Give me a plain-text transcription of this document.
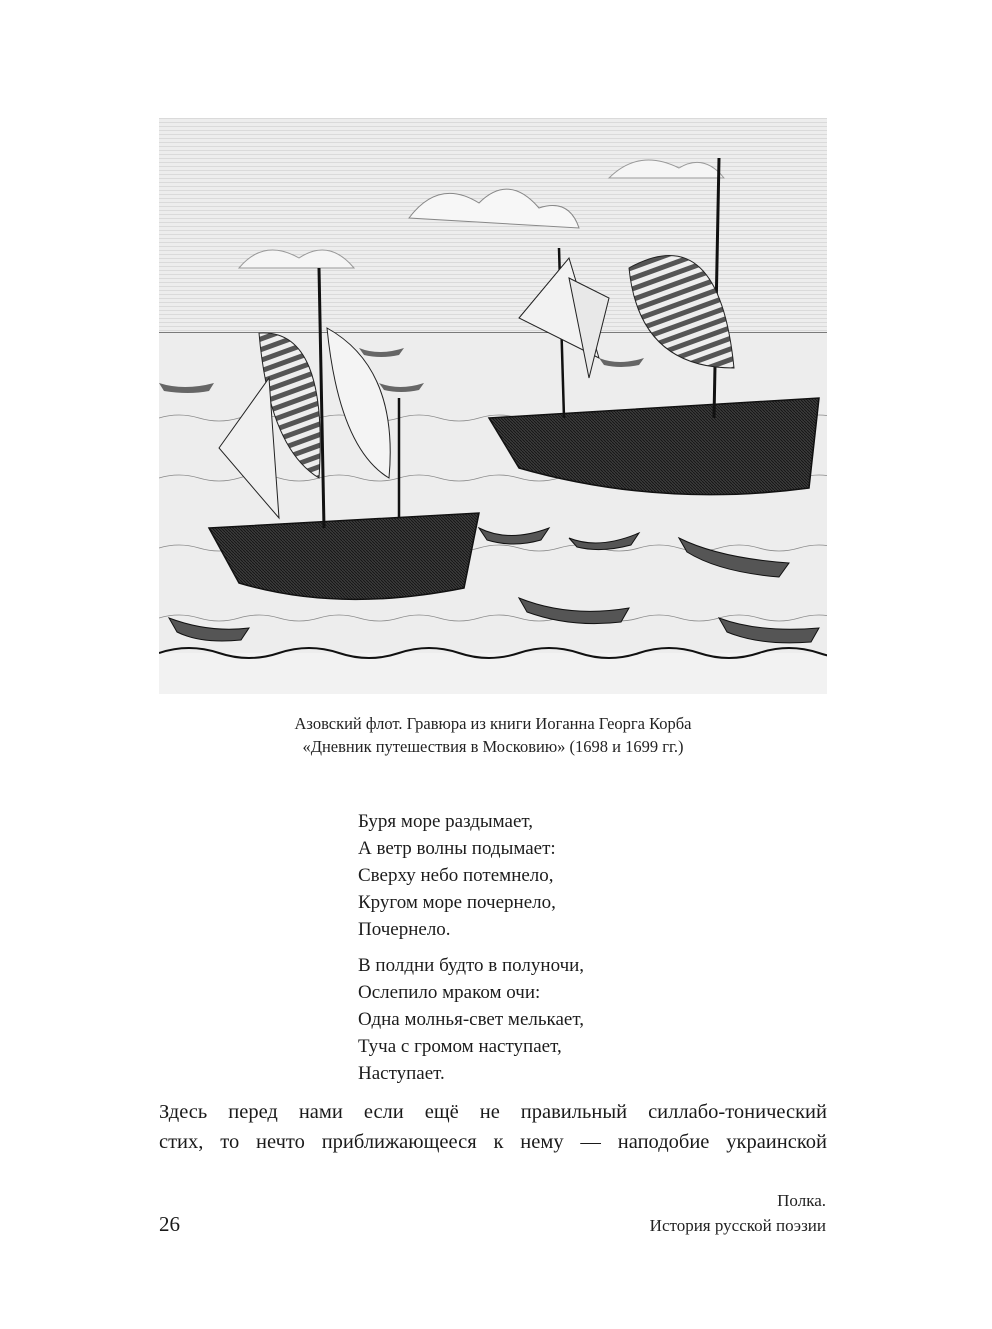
Азовский флот. Гравюра из книги Иоганна Георга Корба
«Дневник путешествия в Московию» (1698 и 1699 гг.)
Буря море раздымает,
А ветр волны подымает:
Сверху небо потемнело,
Кругом море почернело,
Почернело.
В полдни будто в полуночи,
Ослепило мраком очи:
Одна молнья-свет мелькает,
Туча с громом наступает,
Наступает.
Здесь перед нами если ещё не правильный силлабо-тонический
стих, то нечто приближающееся к нему — наподобие украинской
26
Полка.
История русской поэзии
